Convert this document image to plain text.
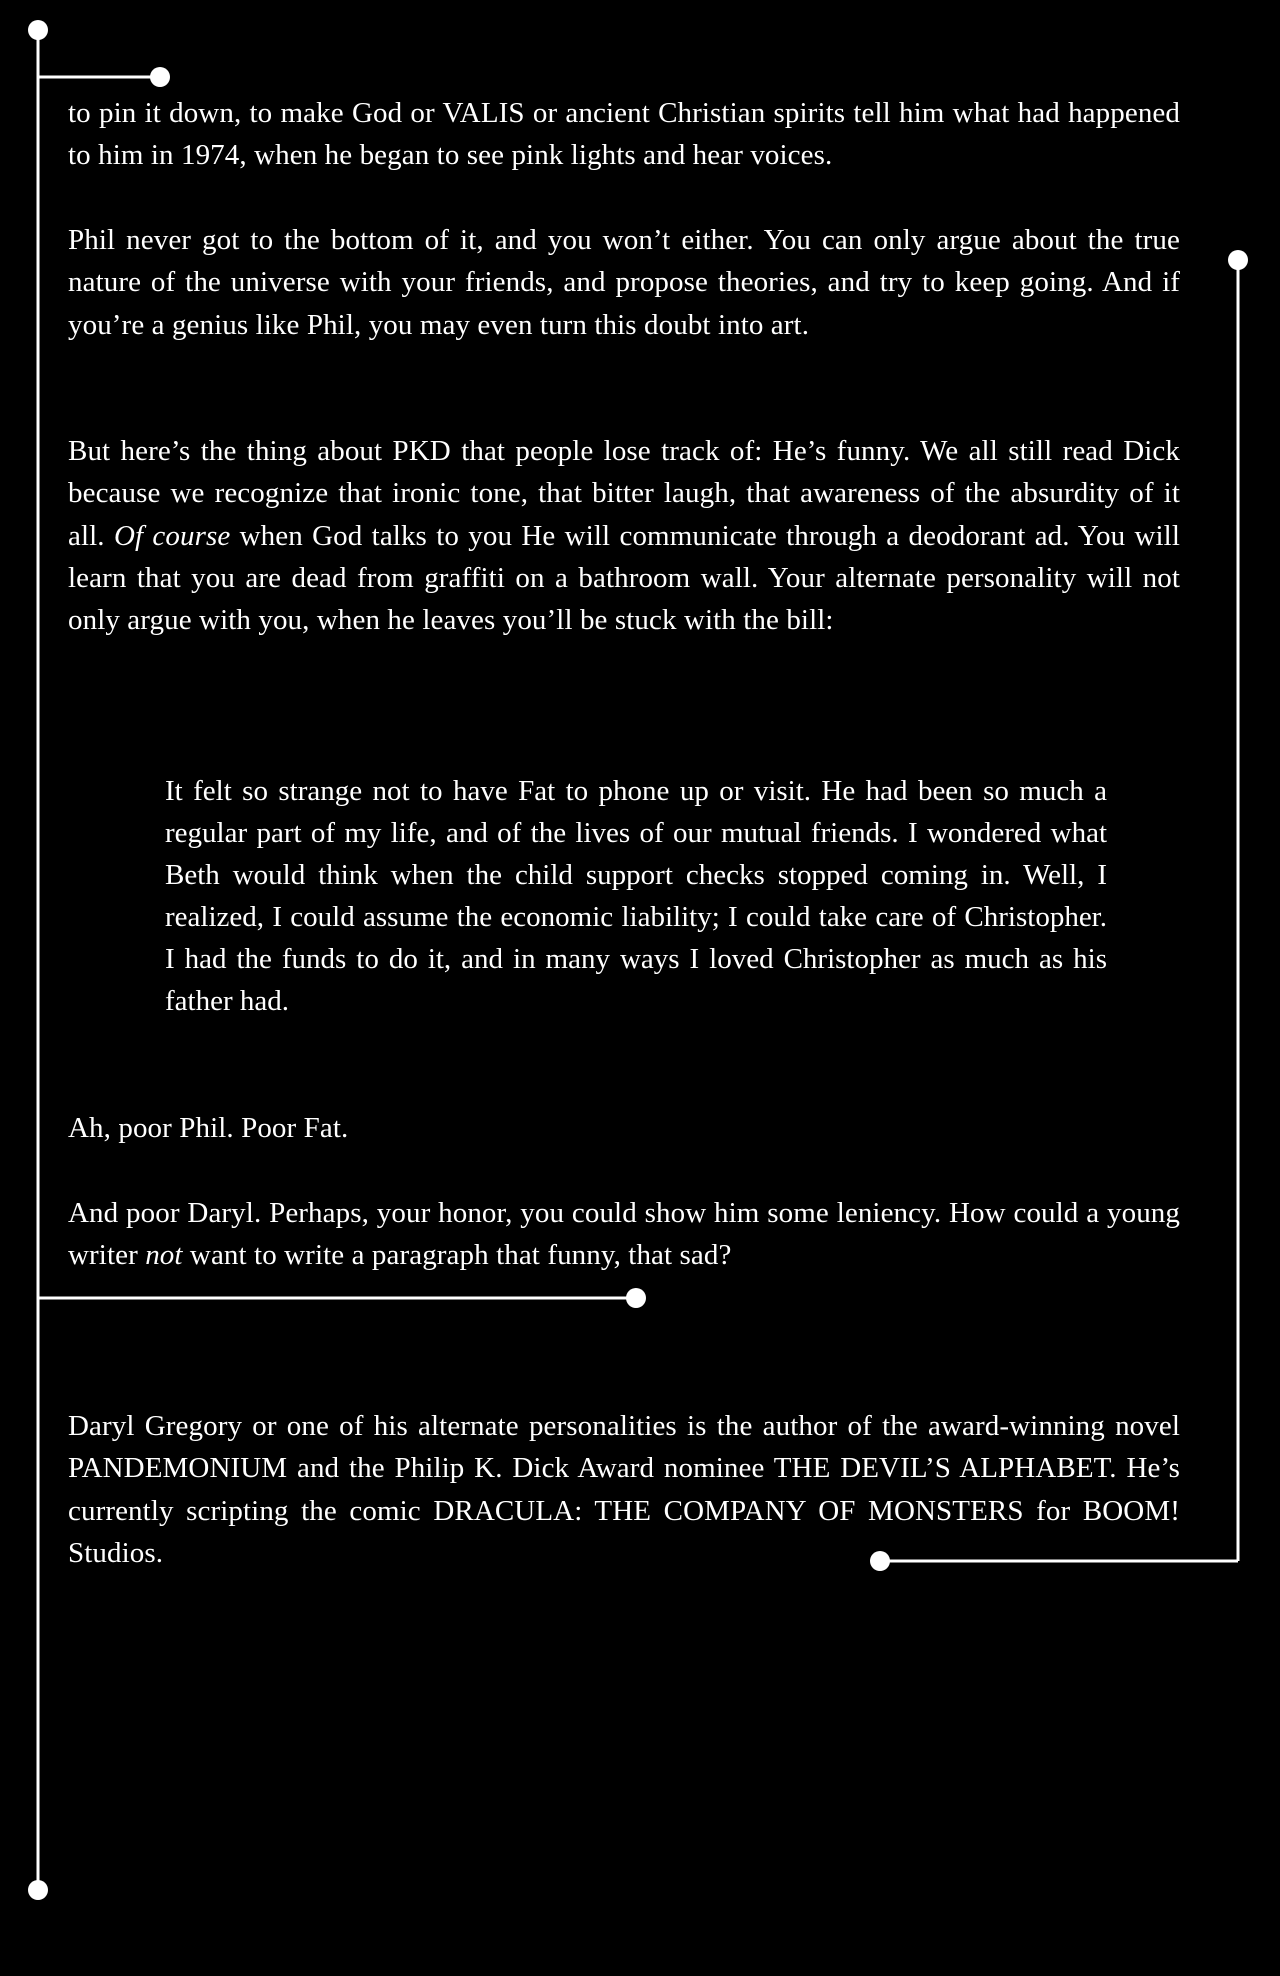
to pin it down, to make God or VALIS or ancient Christian spirits tell him what had happened to him in 1974, when he began to see pink lights and hear voices.

Phil never got to the bottom of it, and you won’t either. You can only argue about the true nature of the universe with your friends, and propose theories, and try to keep going. And if you’re a genius like Phil, you may even turn this doubt into art.

But here’s the thing about PKD that people lose track of: He’s funny. We all still read Dick because we recognize that ironic tone, that bitter laugh, that awareness of the absurdity of it all. Of course when God talks to you He will communicate through a deodorant ad. You will learn that you are dead from graffiti on a bathroom wall. Your alternate personality will not only argue with you, when he leaves you’ll be stuck with the bill:

It felt so strange not to have Fat to phone up or visit. He had been so much a regular part of my life, and of the lives of our mutual friends. I wondered what Beth would think when the child support checks stopped coming in. Well, I realized, I could assume the economic liability; I could take care of Christopher. I had the funds to do it, and in many ways I loved Christopher as much as his father had.

Ah, poor Phil. Poor Fat.

And poor Daryl. Perhaps, your honor, you could show him some leniency. How could a young writer not want to write a paragraph that funny, that sad?

Daryl Gregory or one of his alternate personalities is the author of the award-winning novel PANDEMONIUM and the Philip K. Dick Award nominee THE DEVIL’S ALPHABET. He’s currently scripting the comic DRACULA: THE COMPANY OF MONSTERS for BOOM! Studios.
